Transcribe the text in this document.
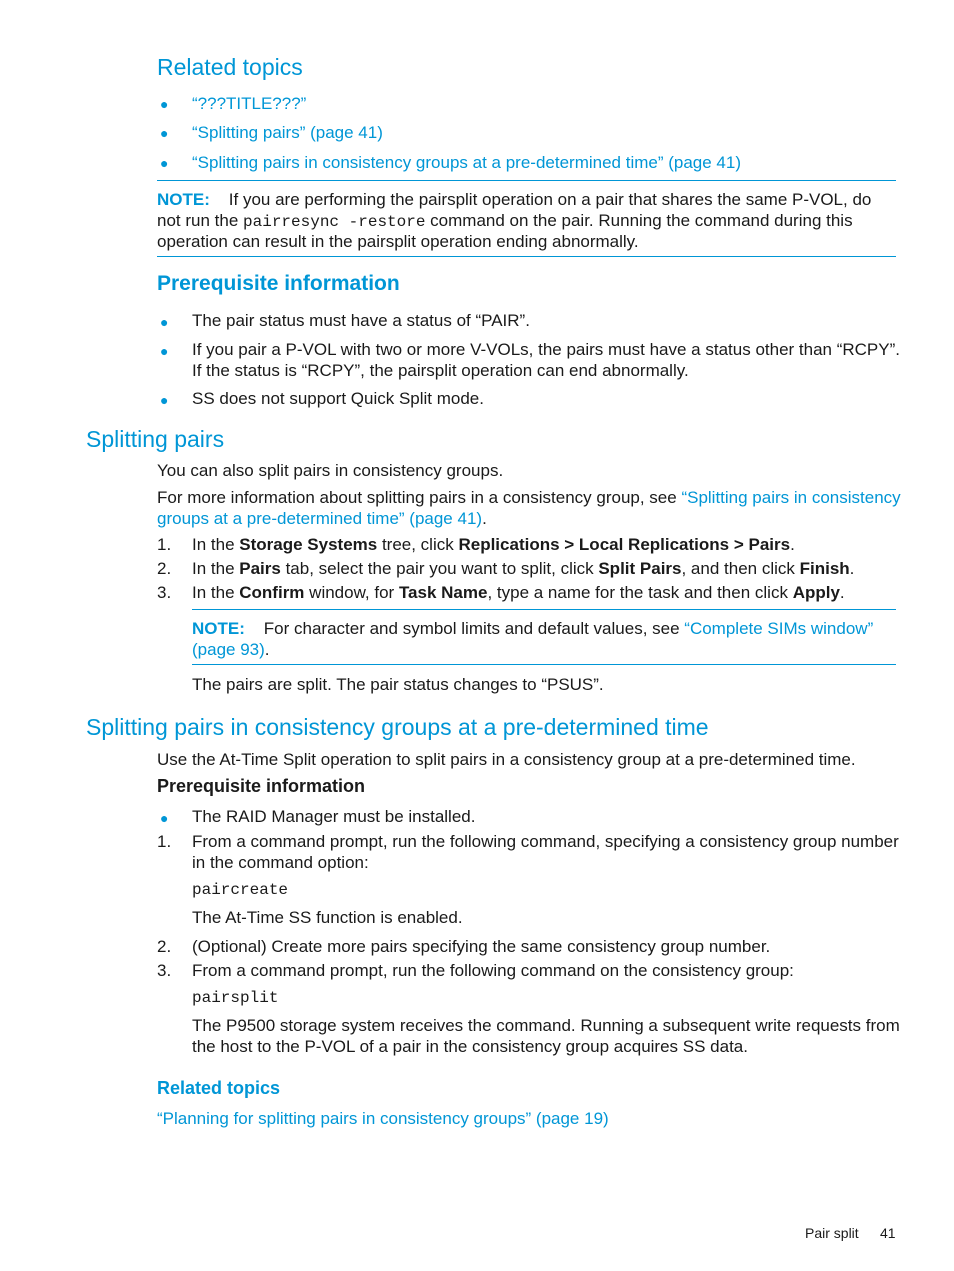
Related topics
● “???TITLE???”
● “Splitting pairs” (page 41)
● “Splitting pairs in consistency groups at a pre-determined time” (page 41)
NOTE: If you are performing the pairsplit operation on a pair that shares the same P-VOL, do
not run the pairresync -restore command on the pair. Running the command during this
operation can result in the pairsplit operation ending abnormally.
Prerequisite information
● The pair status must have a status of “PAIR”.
● If you pair a P-VOL with two or more V-VOLs, the pairs must have a status other than “RCPY”.
If the status is “RCPY”, the pairsplit operation can end abnormally.
● SS does not support Quick Split mode.
Splitting pairs
You can also split pairs in consistency groups.
For more information about splitting pairs in a consistency group, see “Splitting pairs in consistency
groups at a pre-determined time” (page 41).
1. In the Storage Systems tree, click Replications > Local Replications > Pairs.
2. In the Pairs tab, select the pair you want to split, click Split Pairs, and then click Finish.
3. In the Confirm window, for Task Name, type a name for the task and then click Apply.
NOTE: For character and symbol limits and default values, see “Complete SIMs window”
(page 93).
The pairs are split. The pair status changes to “PSUS”.
Splitting pairs in consistency groups at a pre-determined time
Use the At-Time Split operation to split pairs in a consistency group at a pre-determined time.
Prerequisite information
● The RAID Manager must be installed.
1. From a command prompt, run the following command, specifying a consistency group number
in the command option:
paircreate
The At-Time SS function is enabled.
2. (Optional) Create more pairs specifying the same consistency group number.
3. From a command prompt, run the following command on the consistency group:
pairsplit
The P9500 storage system receives the command. Running a subsequent write requests from
the host to the P-VOL of a pair in the consistency group acquires SS data.
Related topics
“Planning for splitting pairs in consistency groups” (page 19)
Pair split 41
